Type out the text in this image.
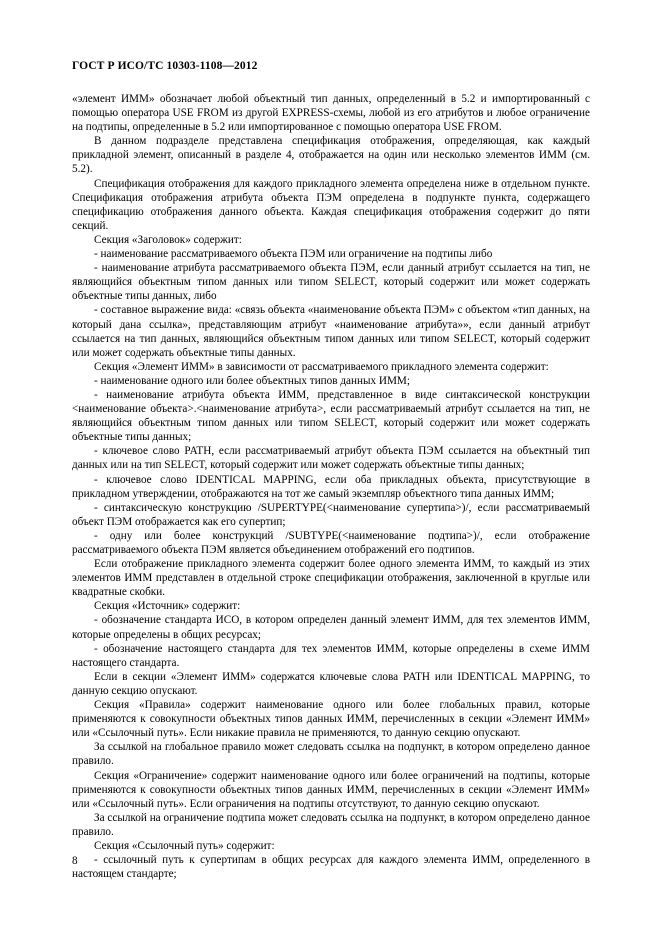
ГОСТ Р ИСО/ТС 10303-1108—2012

«элемент ИММ» обозначает любой объектный тип данных, определенный в 5.2 и импортированный с помощью оператора USE FROM из другой EXPRESS-схемы, любой из его атрибутов и любое ограничение на подтипы, определенные в 5.2 или импортированное с помощью оператора USE FROM.

В данном подразделе представлена спецификация отображения, определяющая, как каждый прикладной элемент, описанный в разделе 4, отображается на один или несколько элементов ИММ (см. 5.2).

Спецификация отображения для каждого прикладного элемента определена ниже в отдельном пункте. Спецификация отображения атрибута объекта ПЭМ определена в подпункте пункта, содержащего спецификацию отображения данного объекта. Каждая спецификация отображения содержит до пяти секций.

Секция «Заголовок» содержит:

- наименование рассматриваемого объекта ПЭМ или ограничение на подтипы либо

- наименование атрибута рассматриваемого объекта ПЭМ, если данный атрибут ссылается на тип, не являющийся объектным типом данных или типом SELECT, который содержит или может содержать объектные типы данных, либо

- составное выражение вида: «связь объекта «наименование объекта ПЭМ» с объектом «тип данных, на который дана ссылка», представляющим атрибут «наименование атрибута»», если данный атрибут ссылается на тип данных, являющийся объектным типом данных или типом SELECT, который содержит или может содержать объектные типы данных.

Секция «Элемент ИММ» в зависимости от рассматриваемого прикладного элемента содержит:

- наименование одного или более объектных типов данных ИММ;

- наименование атрибута объекта ИММ, представленное в виде синтаксической конструкции <наименование объекта>.<наименование атрибута>, если рассматриваемый атрибут ссылается на тип, не являющийся объектным типом данных или типом SELECT, который содержит или может содержать объектные типы данных;

- ключевое слово PATH, если рассматриваемый атрибут объекта ПЭМ ссылается на объектный тип данных или на тип SELECT, который содержит или может содержать объектные типы данных;

- ключевое слово IDENTICAL MAPPING, если оба прикладных объекта, присутствующие в прикладном утверждении, отображаются на тот же самый экземпляр объектного типа данных ИММ;

- синтаксическую конструкцию /SUPERTYPE(<наименование супертипа>)/, если рассматриваемый объект ПЭМ отображается как его супертип;

- одну или более конструкций /SUBTYPE(<наименование подтипа>)/, если отображение рассматриваемого объекта ПЭМ является объединением отображений его подтипов.

Если отображение прикладного элемента содержит более одного элемента ИММ, то каждый из этих элементов ИММ представлен в отдельной строке спецификации отображения, заключенной в круглые или квадратные скобки.

Секция «Источник» содержит:

- обозначение стандарта ИСО, в котором определен данный элемент ИММ, для тех элементов ИММ, которые определены в общих ресурсах;

- обозначение настоящего стандарта для тех элементов ИММ, которые определены в схеме ИММ настоящего стандарта.

Если в секции «Элемент ИММ» содержатся ключевые слова PATH или IDENTICAL MAPPING, то данную секцию опускают.

Секция «Правила» содержит наименование одного или более глобальных правил, которые применяются к совокупности объектных типов данных ИММ, перечисленных в секции «Элемент ИММ» или «Ссылочный путь». Если никакие правила не применяются, то данную секцию опускают.

За ссылкой на глобальное правило может следовать ссылка на подпункт, в котором определено данное правило.

Секция «Ограничение» содержит наименование одного или более ограничений на подтипы, которые применяются к совокупности объектных типов данных ИММ, перечисленных в секции «Элемент ИММ» или «Ссылочный путь». Если ограничения на подтипы отсутствуют, то данную секцию опускают.

За ссылкой на ограничение подтипа может следовать ссылка на подпункт, в котором определено данное правило.

Секция «Ссылочный путь» содержит:

- ссылочный путь к супертипам в общих ресурсах для каждого элемента ИММ, определенного в настоящем стандарте;

8
